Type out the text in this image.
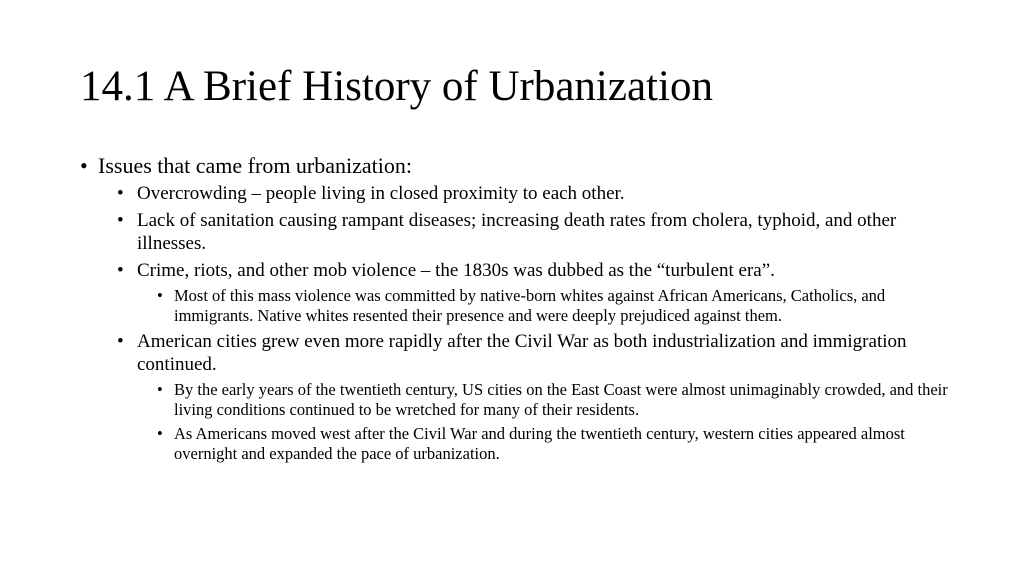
14.1 A Brief History of Urbanization
• Issues that came from urbanization:
• Overcrowding – people living in closed proximity to each other.
• Lack of sanitation causing rampant diseases; increasing death rates from cholera, typhoid, and other illnesses.
• Crime, riots, and other mob violence – the 1830s was dubbed as the “turbulent era”.
• Most of this mass violence was committed by native-born whites against African Americans, Catholics, and immigrants. Native whites resented their presence and were deeply prejudiced against them.
• American cities grew even more rapidly after the Civil War as both industrialization and immigration continued.
• By the early years of the twentieth century, US cities on the East Coast were almost unimaginably crowded, and their living conditions continued to be wretched for many of their residents.
• As Americans moved west after the Civil War and during the twentieth century, western cities appeared almost overnight and expanded the pace of urbanization.
